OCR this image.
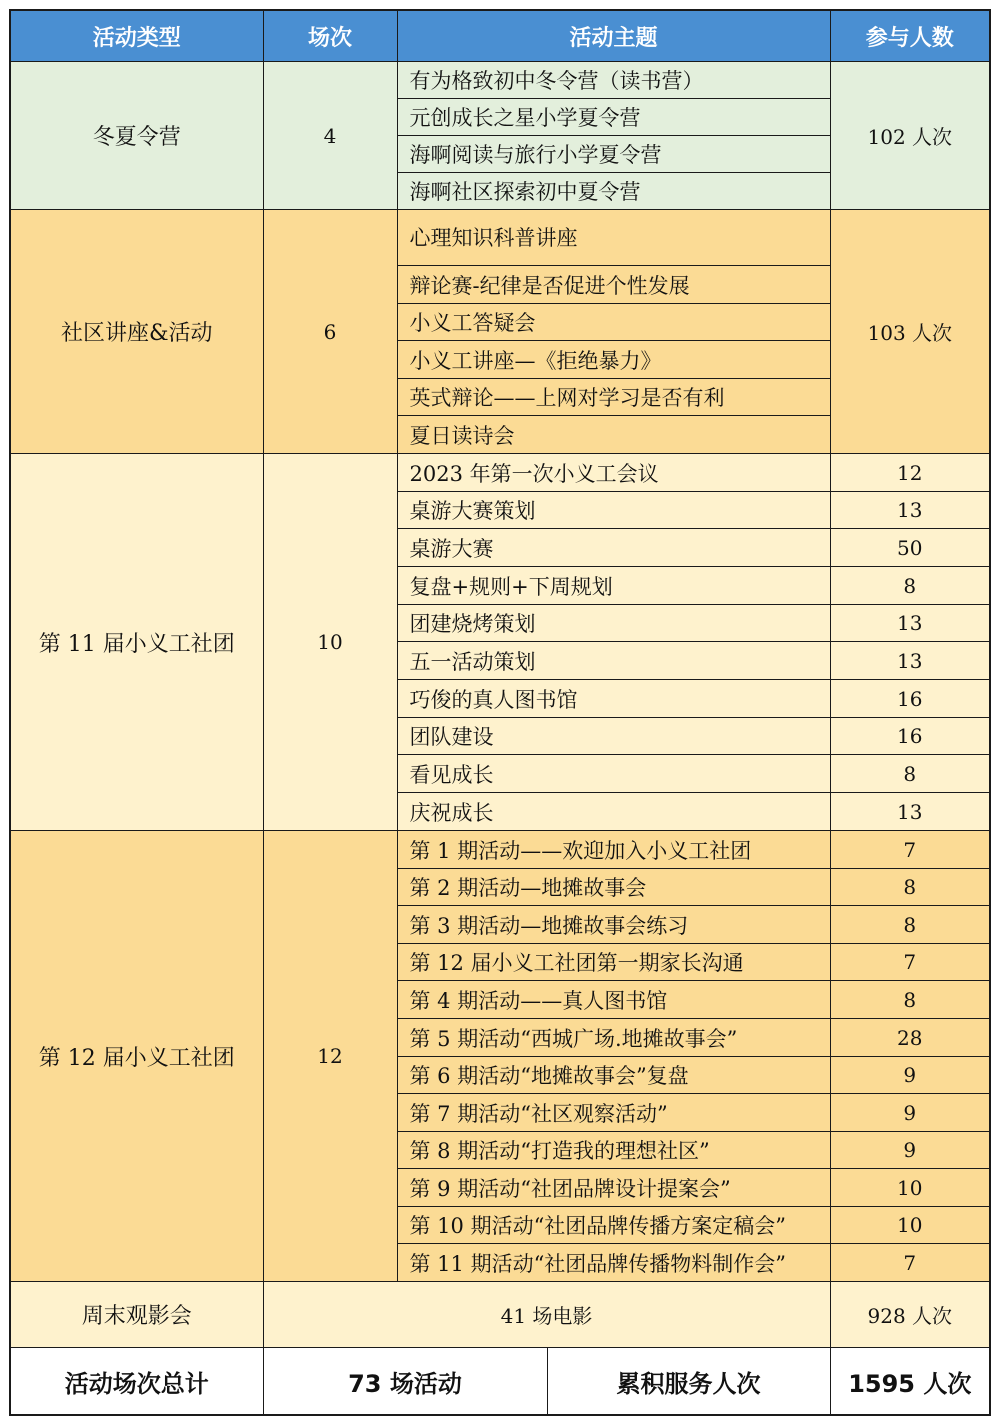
活动类型	场次	活动主题		参与人数
冬夏令营	4	有为格致初中冬令营（读书营）		102 人次
		元创成长之星小学夏令营		
		海啊阅读与旅行小学夏令营		
		海啊社区探索初中夏令营		
社区讲座&活动	6	心理知识科普讲座		103 人次
		辩论赛-纪律是否促进个性发展		
		小义工答疑会		
		小义工讲座—《拒绝暴力》		
		英式辩论——上网对学习是否有利		
		夏日读诗会		
第 11 届小义工社团	10	2023 年第一次小义工会议		12
		桌游大赛策划		13
		桌游大赛		50
		复盘+规则+下周规划		8
		团建烧烤策划		13
		五一活动策划		13
		巧俊的真人图书馆		16
		团队建设		16
		看见成长		8
		庆祝成长		13
第 12 届小义工社团	12	第 1 期活动——欢迎加入小义工社团		7
		第 2 期活动—地摊故事会		8
		第 3 期活动—地摊故事会练习		8
		第 12 届小义工社团第一期家长沟通		7
		第 4 期活动——真人图书馆		8
		第 5 期活动“西城广场.地摊故事会”		28
		第 6 期活动“地摊故事会”复盘		9
		第 7 期活动“社区观察活动”		9
		第 8 期活动“打造我的理想社区”		9
		第 9 期活动“社团品牌设计提案会”		10
		第 10 期活动“社团品牌传播方案定稿会”		10
		第 11 期活动“社团品牌传播物料制作会”		7
周末观影会	41 场电影			928 人次
活动场次总计	73 场活动		累积服务人次	1595 人次
